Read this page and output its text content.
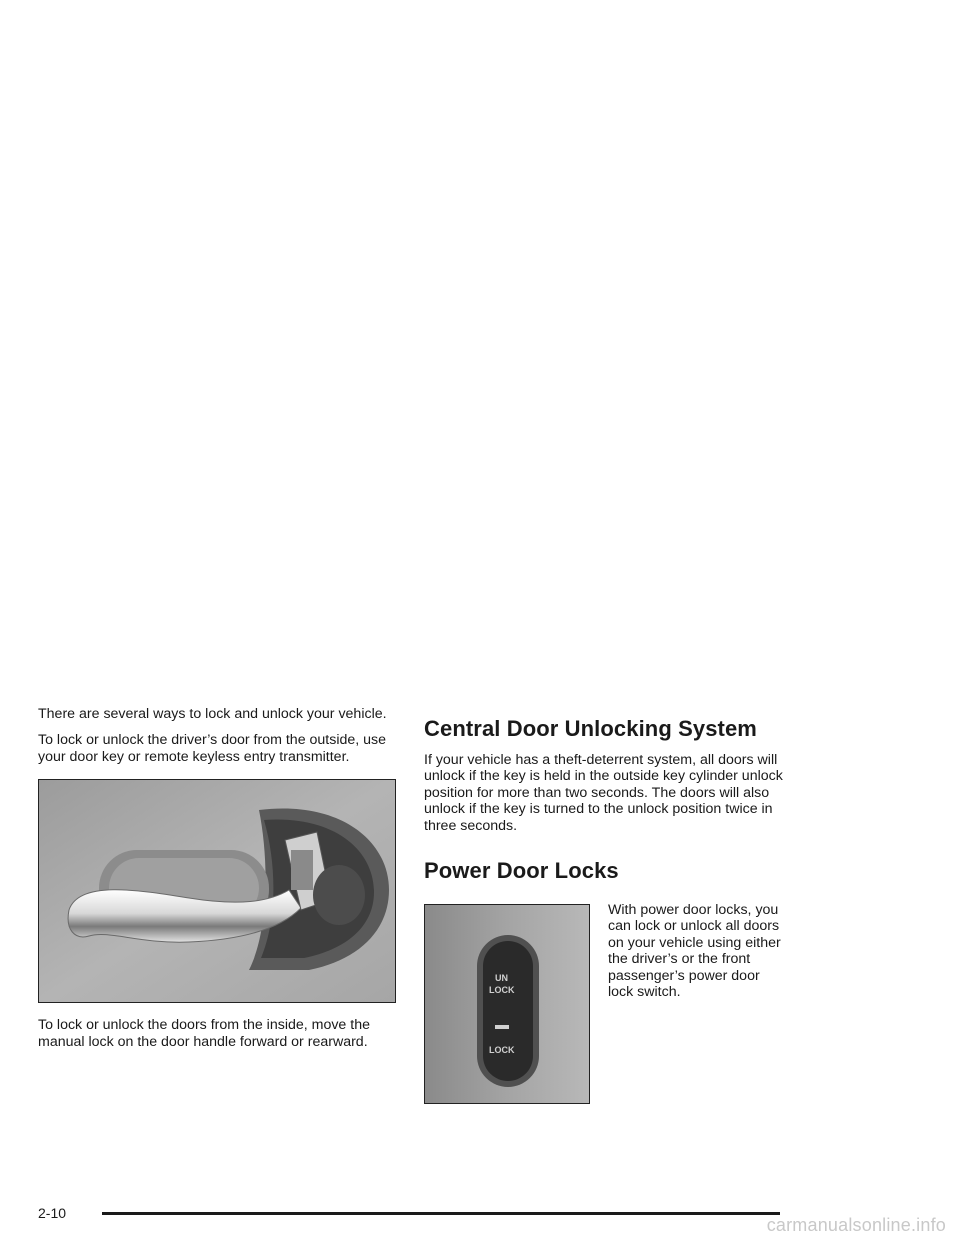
There are several ways to lock and unlock your vehicle.

To lock or unlock the driver’s door from the outside, use your door key or remote keyless entry transmitter.

To lock or unlock the doors from the inside, move the manual lock on the door handle forward or rearward.

Central Door Unlocking System

If your vehicle has a theft-deterrent system, all doors will unlock if the key is held in the outside key cylinder unlock position for more than two seconds. The doors will also unlock if the key is turned to the unlock position twice in three seconds.

Power Door Locks
UN
LOCK
LOCK

With power door locks, you can lock or unlock all doors on your vehicle using either the driver’s or the front passenger’s power door lock switch.

2-10
carmanualsonline.info
